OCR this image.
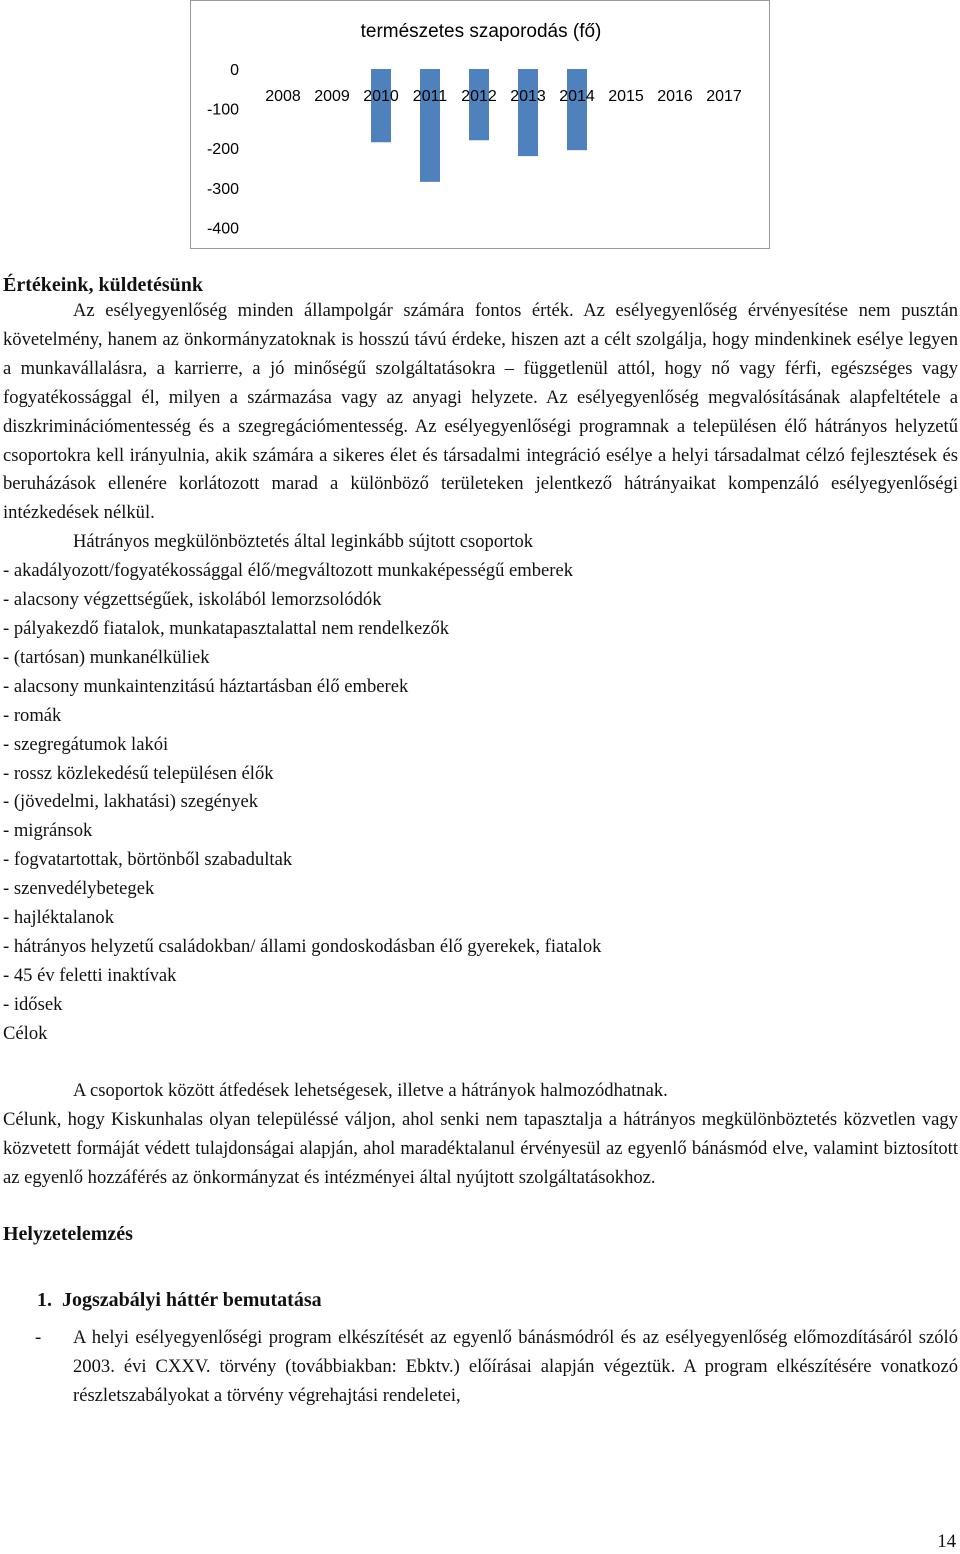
természetes szaporodás (fő)
0
-100
-200
-300
-400
2008 2009 2010 2011 2012 2013 2014 2015 2016 2017

Értékeink, küldetésünk

Az esélyegyenlőség minden állampolgár számára fontos érték. Az esélyegyenlőség érvényesítése nem pusztán követelmény, hanem az önkormányzatoknak is hosszú távú érdeke, hiszen azt a célt szolgálja, hogy mindenkinek esélye legyen a munkavállalásra, a karrierre, a jó minőségű szolgáltatásokra – függetlenül attól, hogy nő vagy férfi, egészséges vagy fogyatékossággal él, milyen a származása vagy az anyagi helyzete. Az esélyegyenlőség megvalósításának alapfeltétele a diszkriminációmentesség és a szegregációmentesség. Az esélyegyenlőségi programnak a településen élő hátrányos helyzetű csoportokra kell irányulnia, akik számára a sikeres élet és társadalmi integráció esélye a helyi társadalmat célzó fejlesztések és beruházások ellenére korlátozott marad a különböző területeken jelentkező hátrányaikat kompenzáló esélyegyenlőségi intézkedések nélkül.

Hátrányos megkülönböztetés által leginkább sújtott csoportok

- akadályozott/fogyatékossággal élő/megváltozott munkaképességű emberek

- alacsony végzettségűek, iskolából lemorzsolódók

- pályakezdő fiatalok, munkatapasztalattal nem rendelkezők

- (tartósan) munkanélküliek

- alacsony munkaintenzitású háztartásban élő emberek

- romák

- szegregátumok lakói

- rossz közlekedésű településen élők

- (jövedelmi, lakhatási) szegények

- migránsok

- fogvatartottak, börtönből szabadultak

- szenvedélybetegek

- hajléktalanok

- hátrányos helyzetű családokban/ állami gondoskodásban élő gyerekek, fiatalok

- 45 év feletti inaktívak

- idősek

Célok

A csoportok között átfedések lehetségesek, illetve a hátrányok halmozódhatnak.

Célunk, hogy Kiskunhalas olyan településsé váljon, ahol senki nem tapasztalja a hátrányos megkülönböztetés közvetlen vagy közvetett formáját védett tulajdonságai alapján, ahol maradéktalanul érvényesül az egyenlő bánásmód elve, valamint biztosított az egyenlő hozzáférés az önkormányzat és intézményei által nyújtott szolgáltatásokhoz.

Helyzetelemzés

1. Jogszabályi háttér bemutatása

-	A helyi esélyegyenlőségi program elkészítését az egyenlő bánásmódról és az esélyegyenlőség előmozdításáról szóló 2003. évi CXXV. törvény (továbbiakban: Ebktv.) előírásai alapján végeztük. A program elkészítésére vonatkozó részletszabályokat a törvény végrehajtási rendeletei,
14
